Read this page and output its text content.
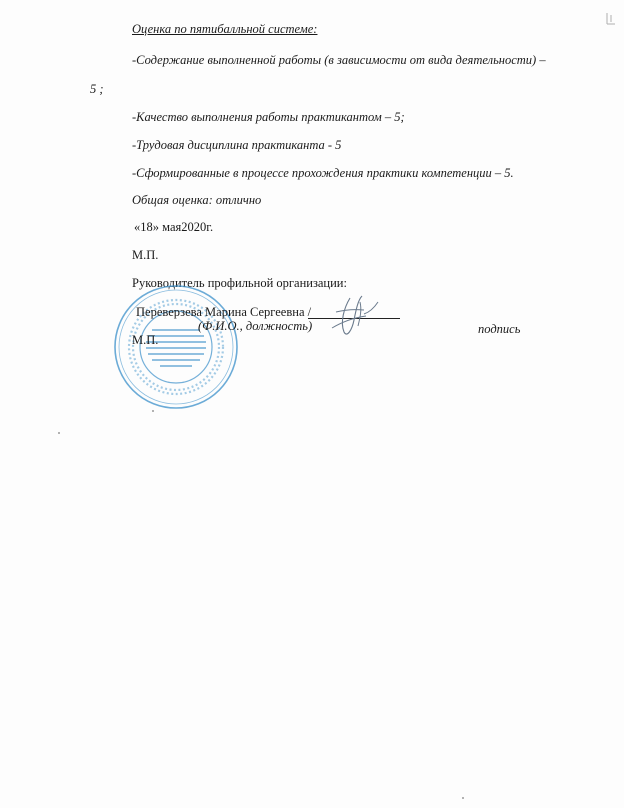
Оценка по пятибалльной системе:
-Содержание выполненной работы (в зависимости от вида деятельности) –
5 ;
-Качество выполнения работы практикантом – 5;
-Трудовая дисциплина практиканта - 5
-Сформированные в процессе прохождения практики компетенции – 5.
Общая оценка: отлично
«18» мая2020г.
М.П.
Руководитель профильной организации:
Переверзева Марина Сергеевна /
(Ф.И.О., должность)	подпись
М.П.
